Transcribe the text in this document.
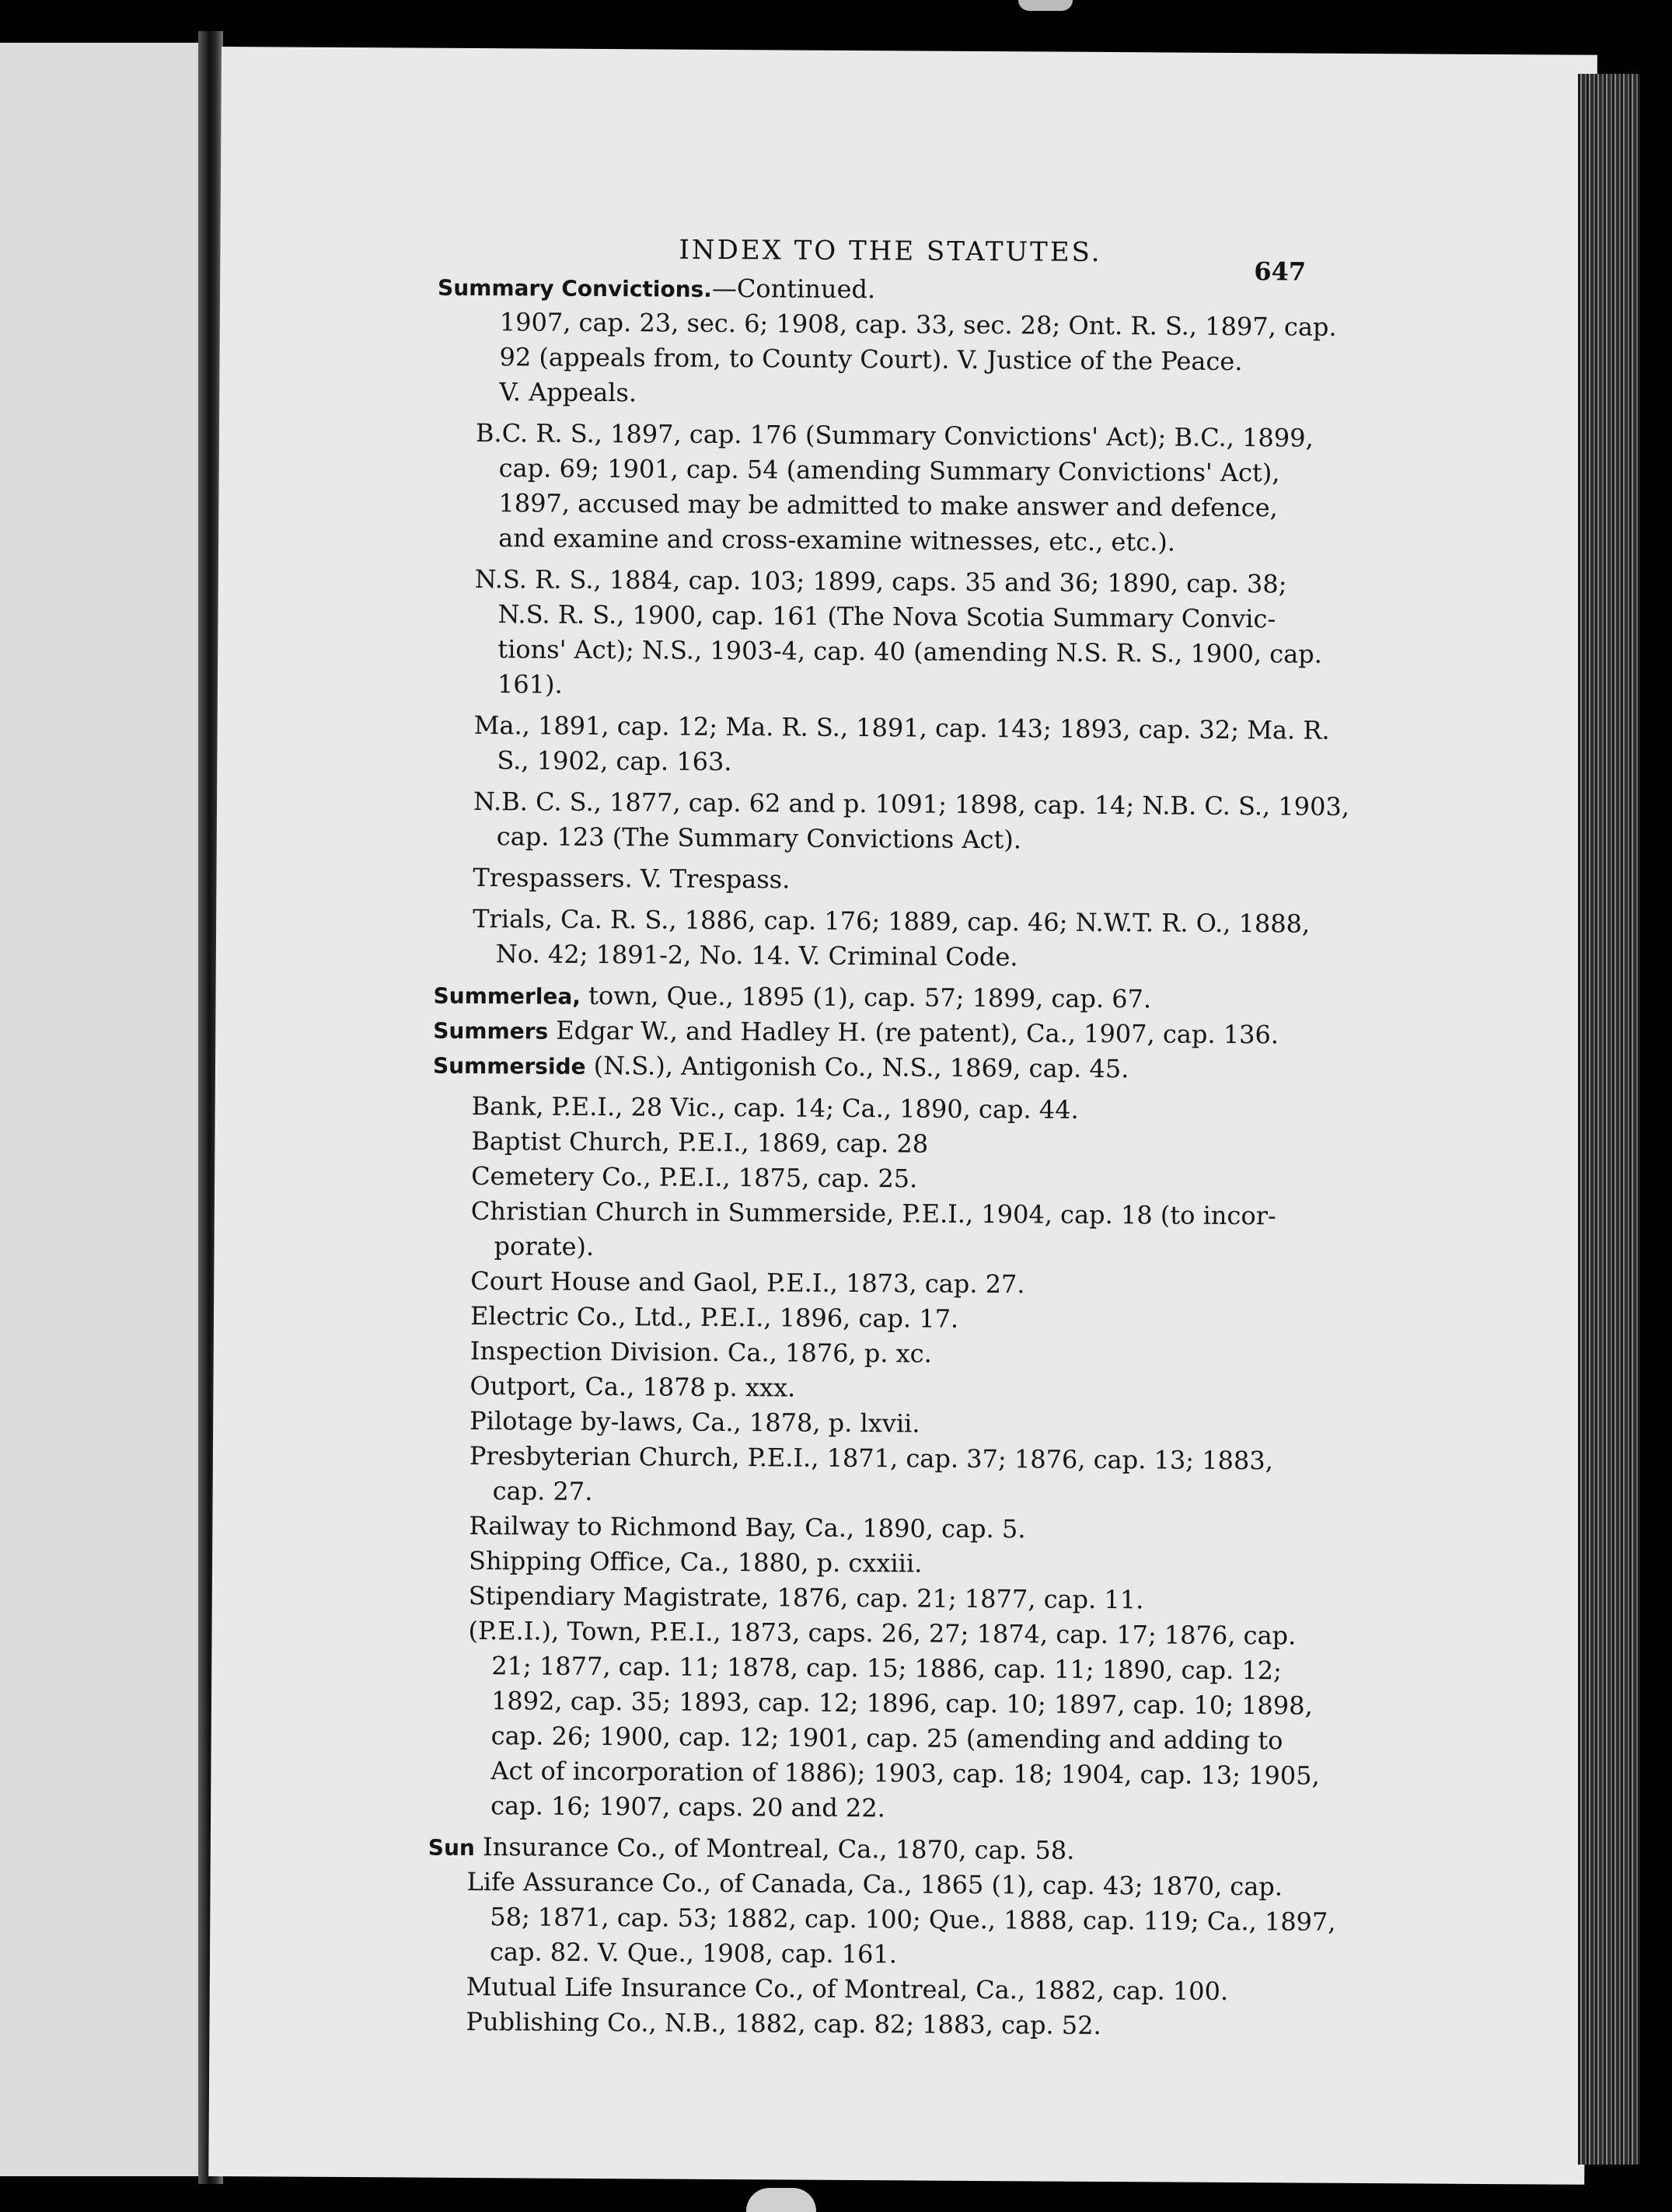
INDEX TO THE STATUTES.
647
Summary Convictions.—Continued.
1907, cap. 23, sec. 6; 1908, cap. 33, sec. 28; Ont. R. S., 1897, cap.
92 (appeals from, to County Court). V. Justice of the Peace.
V. Appeals.
B.C. R. S., 1897, cap. 176 (Summary Convictions' Act); B.C., 1899,
cap. 69; 1901, cap. 54 (amending Summary Convictions' Act),
1897, accused may be admitted to make answer and defence,
and examine and cross-examine witnesses, etc., etc.).
N.S. R. S., 1884, cap. 103; 1899, caps. 35 and 36; 1890, cap. 38;
N.S. R. S., 1900, cap. 161 (The Nova Scotia Summary Convic-
tions' Act); N.S., 1903-4, cap. 40 (amending N.S. R. S., 1900, cap.
161).
Ma., 1891, cap. 12; Ma. R. S., 1891, cap. 143; 1893, cap. 32; Ma. R.
S., 1902, cap. 163.
N.B. C. S., 1877, cap. 62 and p. 1091; 1898, cap. 14; N.B. C. S., 1903,
cap. 123 (The Summary Convictions Act).
Trespassers. V. Trespass.
Trials, Ca. R. S., 1886, cap. 176; 1889, cap. 46; N.W.T. R. O., 1888,
No. 42; 1891-2, No. 14. V. Criminal Code.
Summerlea, town, Que., 1895 (1), cap. 57; 1899, cap. 67.
Summers Edgar W., and Hadley H. (re patent), Ca., 1907, cap. 136.
Summerside (N.S.), Antigonish Co., N.S., 1869, cap. 45.
Bank, P.E.I., 28 Vic., cap. 14; Ca., 1890, cap. 44.
Baptist Church, P.E.I., 1869, cap. 28
Cemetery Co., P.E.I., 1875, cap. 25.
Christian Church in Summerside, P.E.I., 1904, cap. 18 (to incor-
porate).
Court House and Gaol, P.E.I., 1873, cap. 27.
Electric Co., Ltd., P.E.I., 1896, cap. 17.
Inspection Division. Ca., 1876, p. xc.
Outport, Ca., 1878 p. xxx.
Pilotage by-laws, Ca., 1878, p. lxvii.
Presbyterian Church, P.E.I., 1871, cap. 37; 1876, cap. 13; 1883,
cap. 27.
Railway to Richmond Bay, Ca., 1890, cap. 5.
Shipping Office, Ca., 1880, p. cxxiii.
Stipendiary Magistrate, 1876, cap. 21; 1877, cap. 11.
(P.E.I.), Town, P.E.I., 1873, caps. 26, 27; 1874, cap. 17; 1876, cap.
21; 1877, cap. 11; 1878, cap. 15; 1886, cap. 11; 1890, cap. 12;
1892, cap. 35; 1893, cap. 12; 1896, cap. 10; 1897, cap. 10; 1898,
cap. 26; 1900, cap. 12; 1901, cap. 25 (amending and adding to
Act of incorporation of 1886); 1903, cap. 18; 1904, cap. 13; 1905,
cap. 16; 1907, caps. 20 and 22.
Sun Insurance Co., of Montreal, Ca., 1870, cap. 58.
Life Assurance Co., of Canada, Ca., 1865 (1), cap. 43; 1870, cap.
58; 1871, cap. 53; 1882, cap. 100; Que., 1888, cap. 119; Ca., 1897,
cap. 82. V. Que., 1908, cap. 161.
Mutual Life Insurance Co., of Montreal, Ca., 1882, cap. 100.
Publishing Co., N.B., 1882, cap. 82; 1883, cap. 52.
